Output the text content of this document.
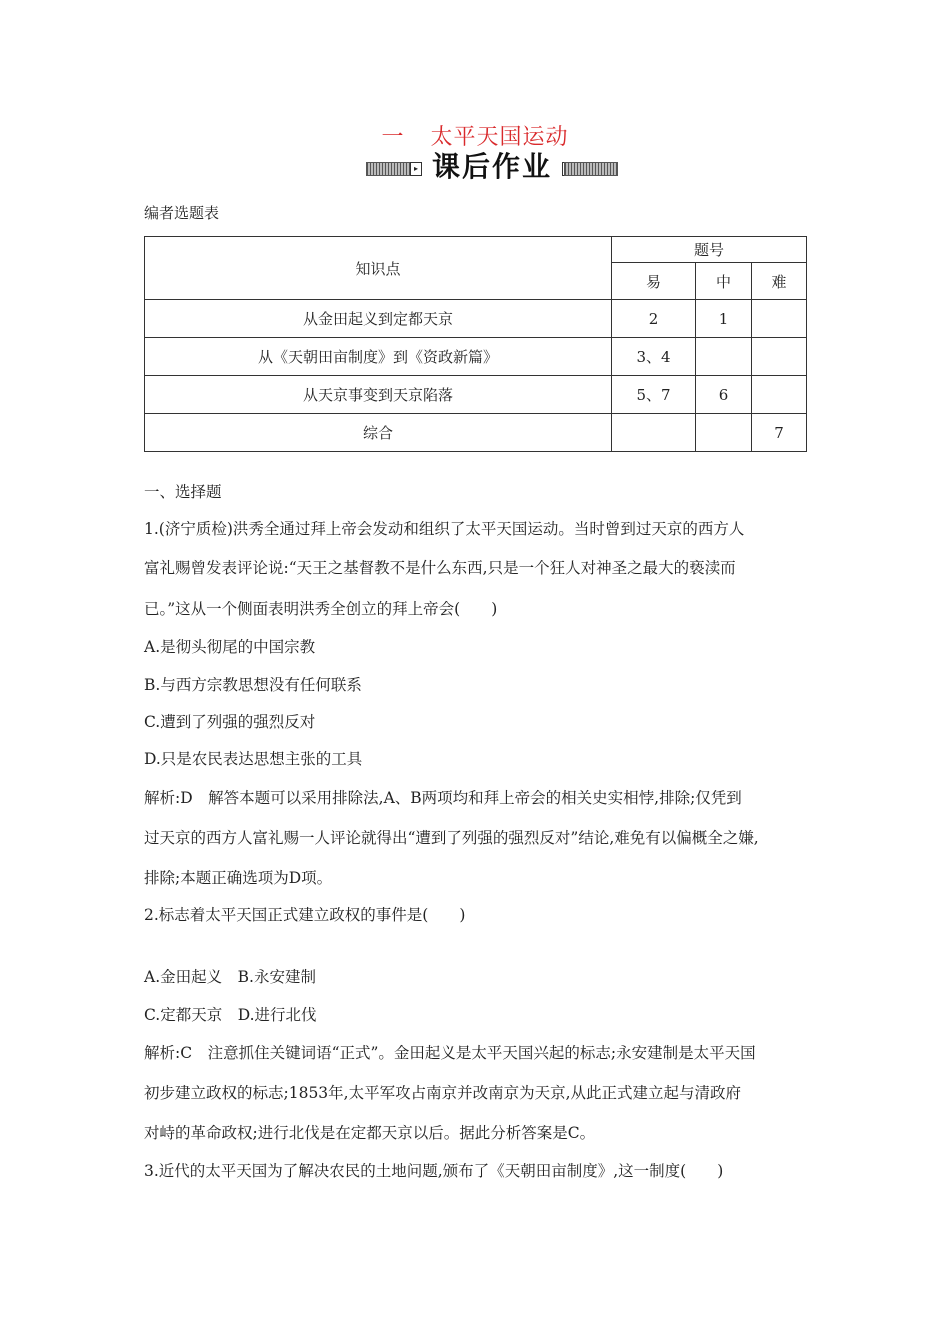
一 太平天国运动
▸ 课后作业
编者选题表
知识点	题号		
	易	中	难
从金田起义到定都天京	2	1	
从《天朝田亩制度》到《资政新篇》	3、4		
从天京事变到天京陷落	5、7	6	
综合			7
一、选择题
1.(济宁质检)洪秀全通过拜上帝会发动和组织了太平天国运动。当时曾到过天京的西方人
富礼赐曾发表评论说:“天王之基督教不是什么东西,只是一个狂人对神圣之最大的亵渎而
已。”这从一个侧面表明洪秀全创立的拜上帝会(　　)
A.是彻头彻尾的中国宗教
B.与西方宗教思想没有任何联系
C.遭到了列强的强烈反对
D.只是农民表达思想主张的工具
解析:D　解答本题可以采用排除法,A、B两项均和拜上帝会的相关史实相悖,排除;仅凭到
过天京的西方人富礼赐一人评论就得出“遭到了列强的强烈反对”结论,难免有以偏概全之嫌,
排除;本题正确选项为D项。
2.标志着太平天国正式建立政权的事件是(　　)
A.金田起义　B.永安建制
C.定都天京　D.进行北伐
解析:C　注意抓住关键词语“正式”。金田起义是太平天国兴起的标志;永安建制是太平天国
初步建立政权的标志;1853年,太平军攻占南京并改南京为天京,从此正式建立起与清政府
对峙的革命政权;进行北伐是在定都天京以后。据此分析答案是C。
3.近代的太平天国为了解决农民的土地问题,颁布了《天朝田亩制度》,这一制度(　　)
